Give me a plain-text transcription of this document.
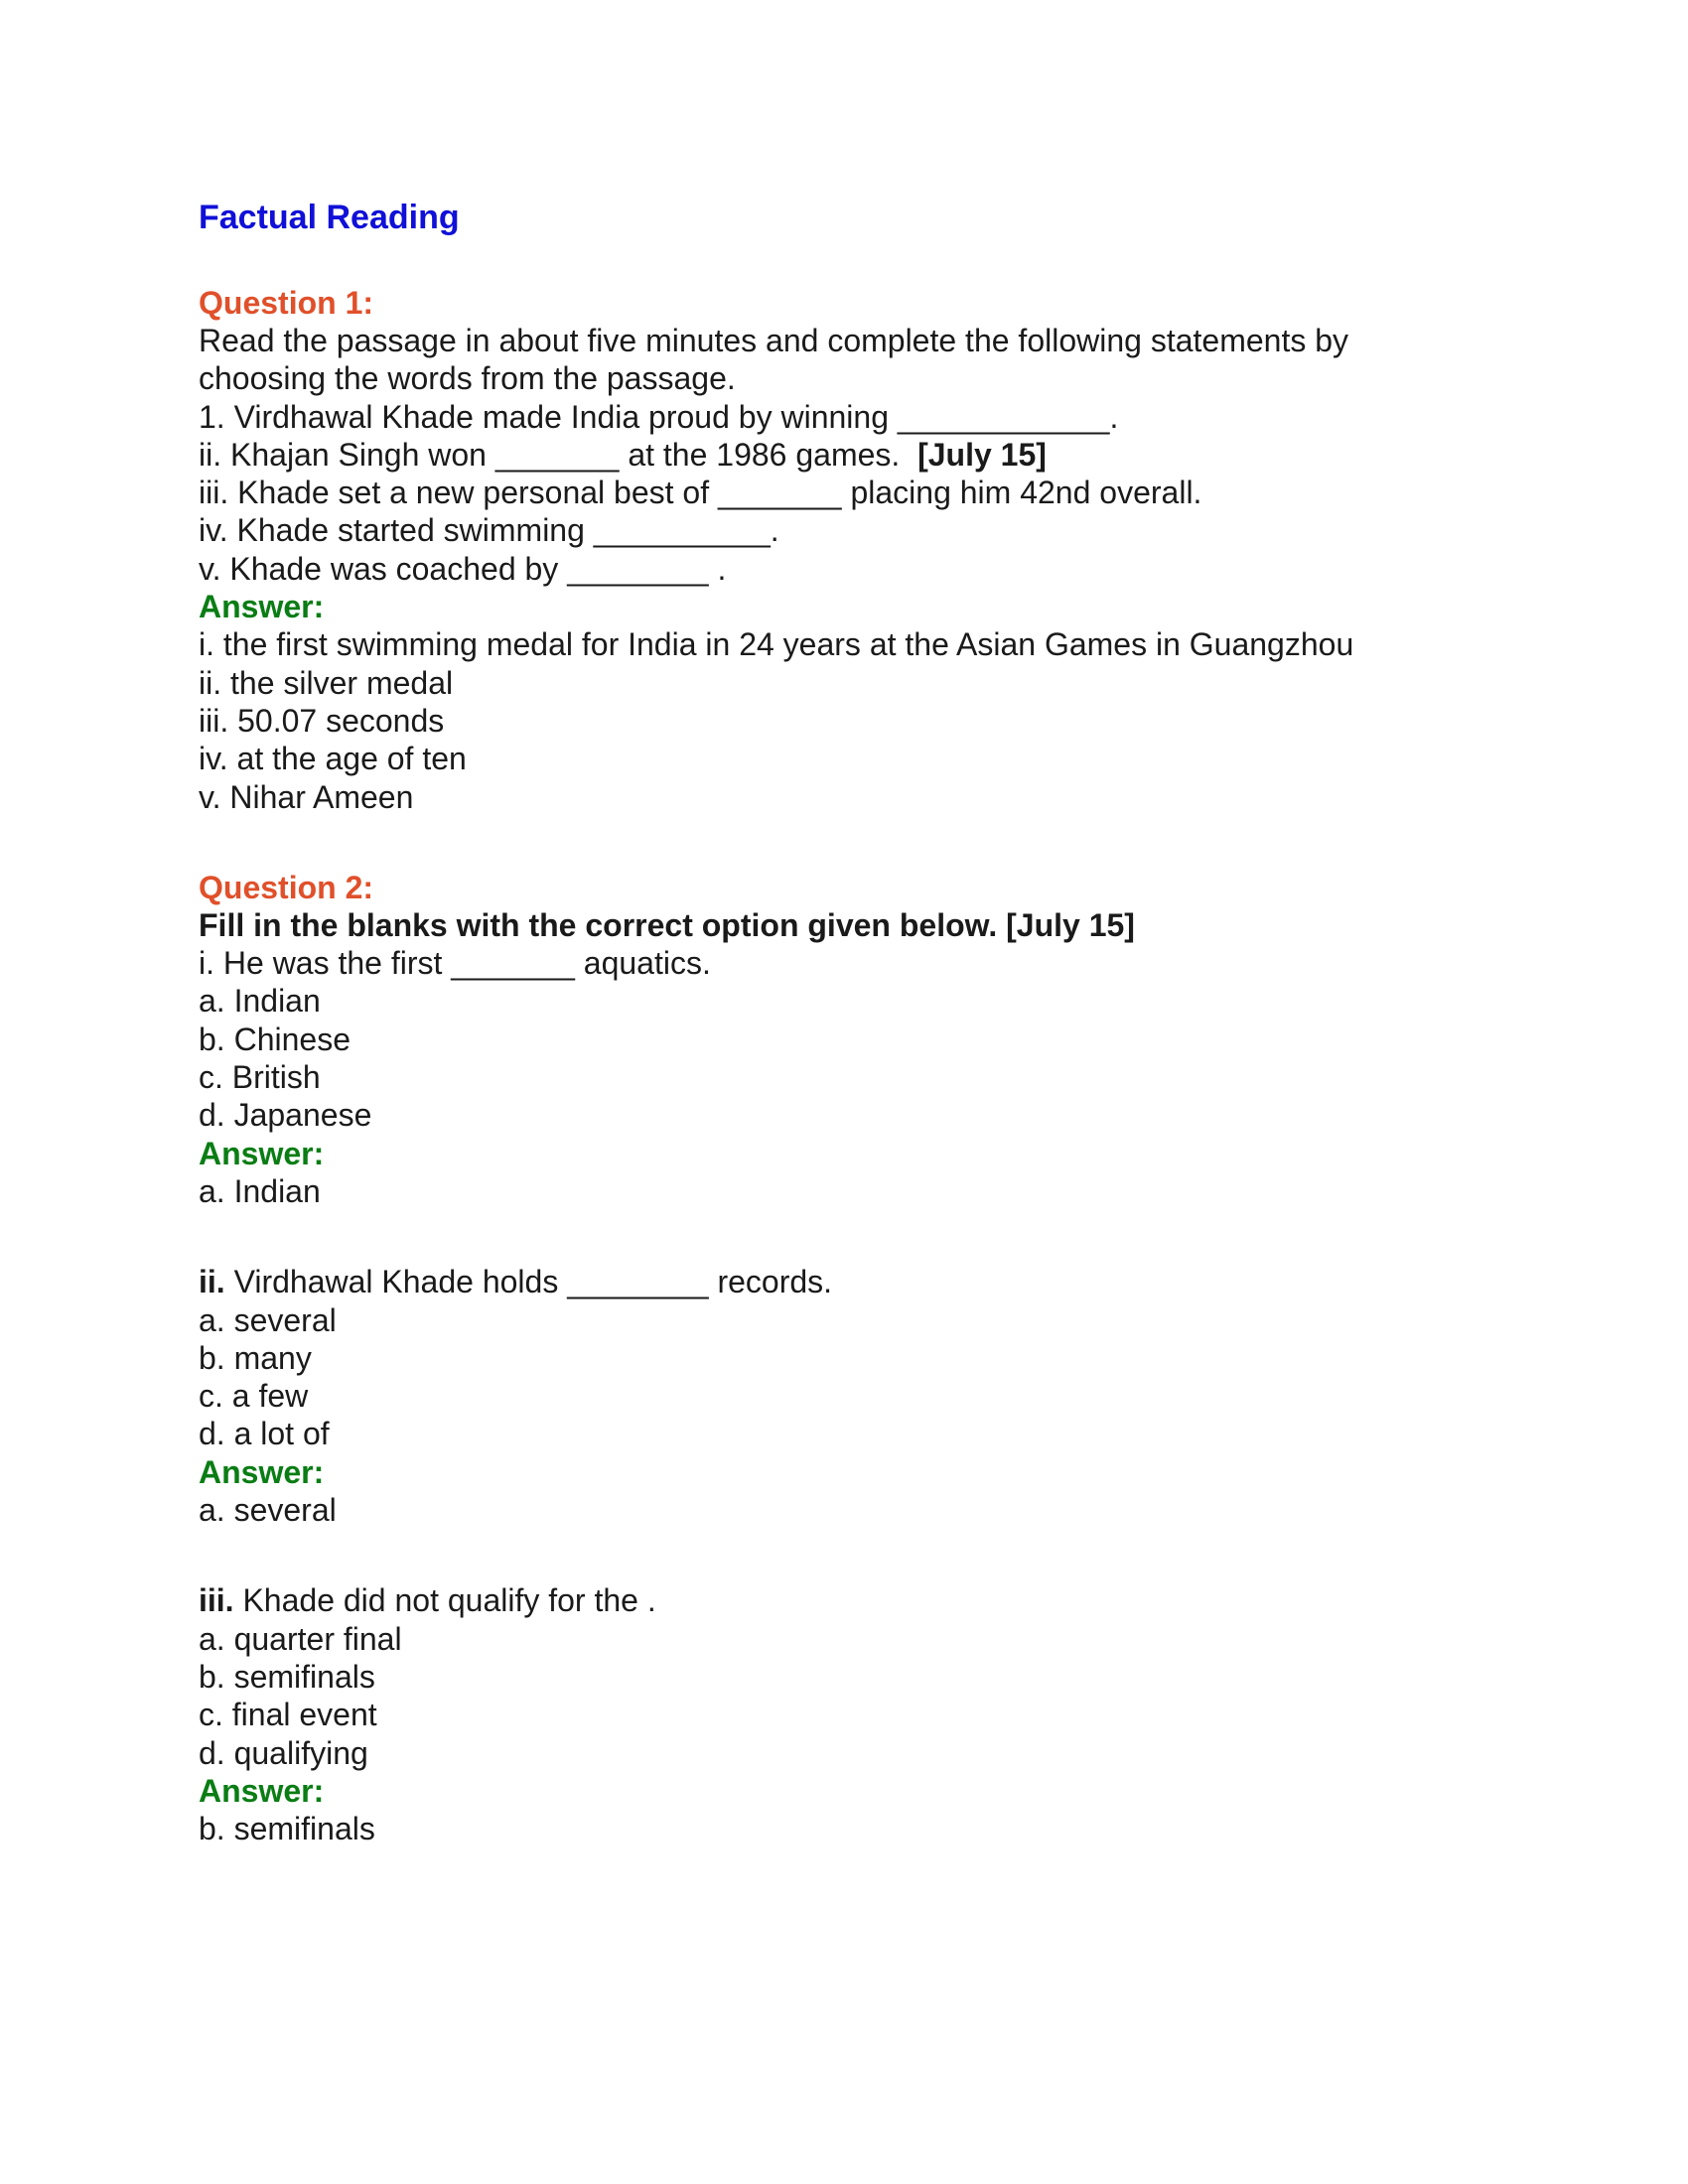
Factual Reading
Question 1:
Read the passage in about five minutes and complete the following statements by
choosing the words from the passage.
1. Virdhawal Khade made India proud by winning ____________.
ii. Khajan Singh won _______ at the 1986 games. [July 15]
iii. Khade set a new personal best of _______ placing him 42nd overall.
iv. Khade started swimming __________.
v. Khade was coached by ________ .
Answer:
i. the first swimming medal for India in 24 years at the Asian Games in Guangzhou
ii. the silver medal
iii. 50.07 seconds
iv. at the age of ten
v. Nihar Ameen
Question 2:
Fill in the blanks with the correct option given below. [July 15]
i. He was the first _______ aquatics.
a. Indian
b. Chinese
c. British
d. Japanese
Answer:
a. Indian
ii. Virdhawal Khade holds ________ records.
a. several
b. many
c. a few
d. a lot of
Answer:
a. several
iii. Khade did not qualify for the .
a. quarter final
b. semifinals
c. final event
d. qualifying
Answer:
b. semifinals
